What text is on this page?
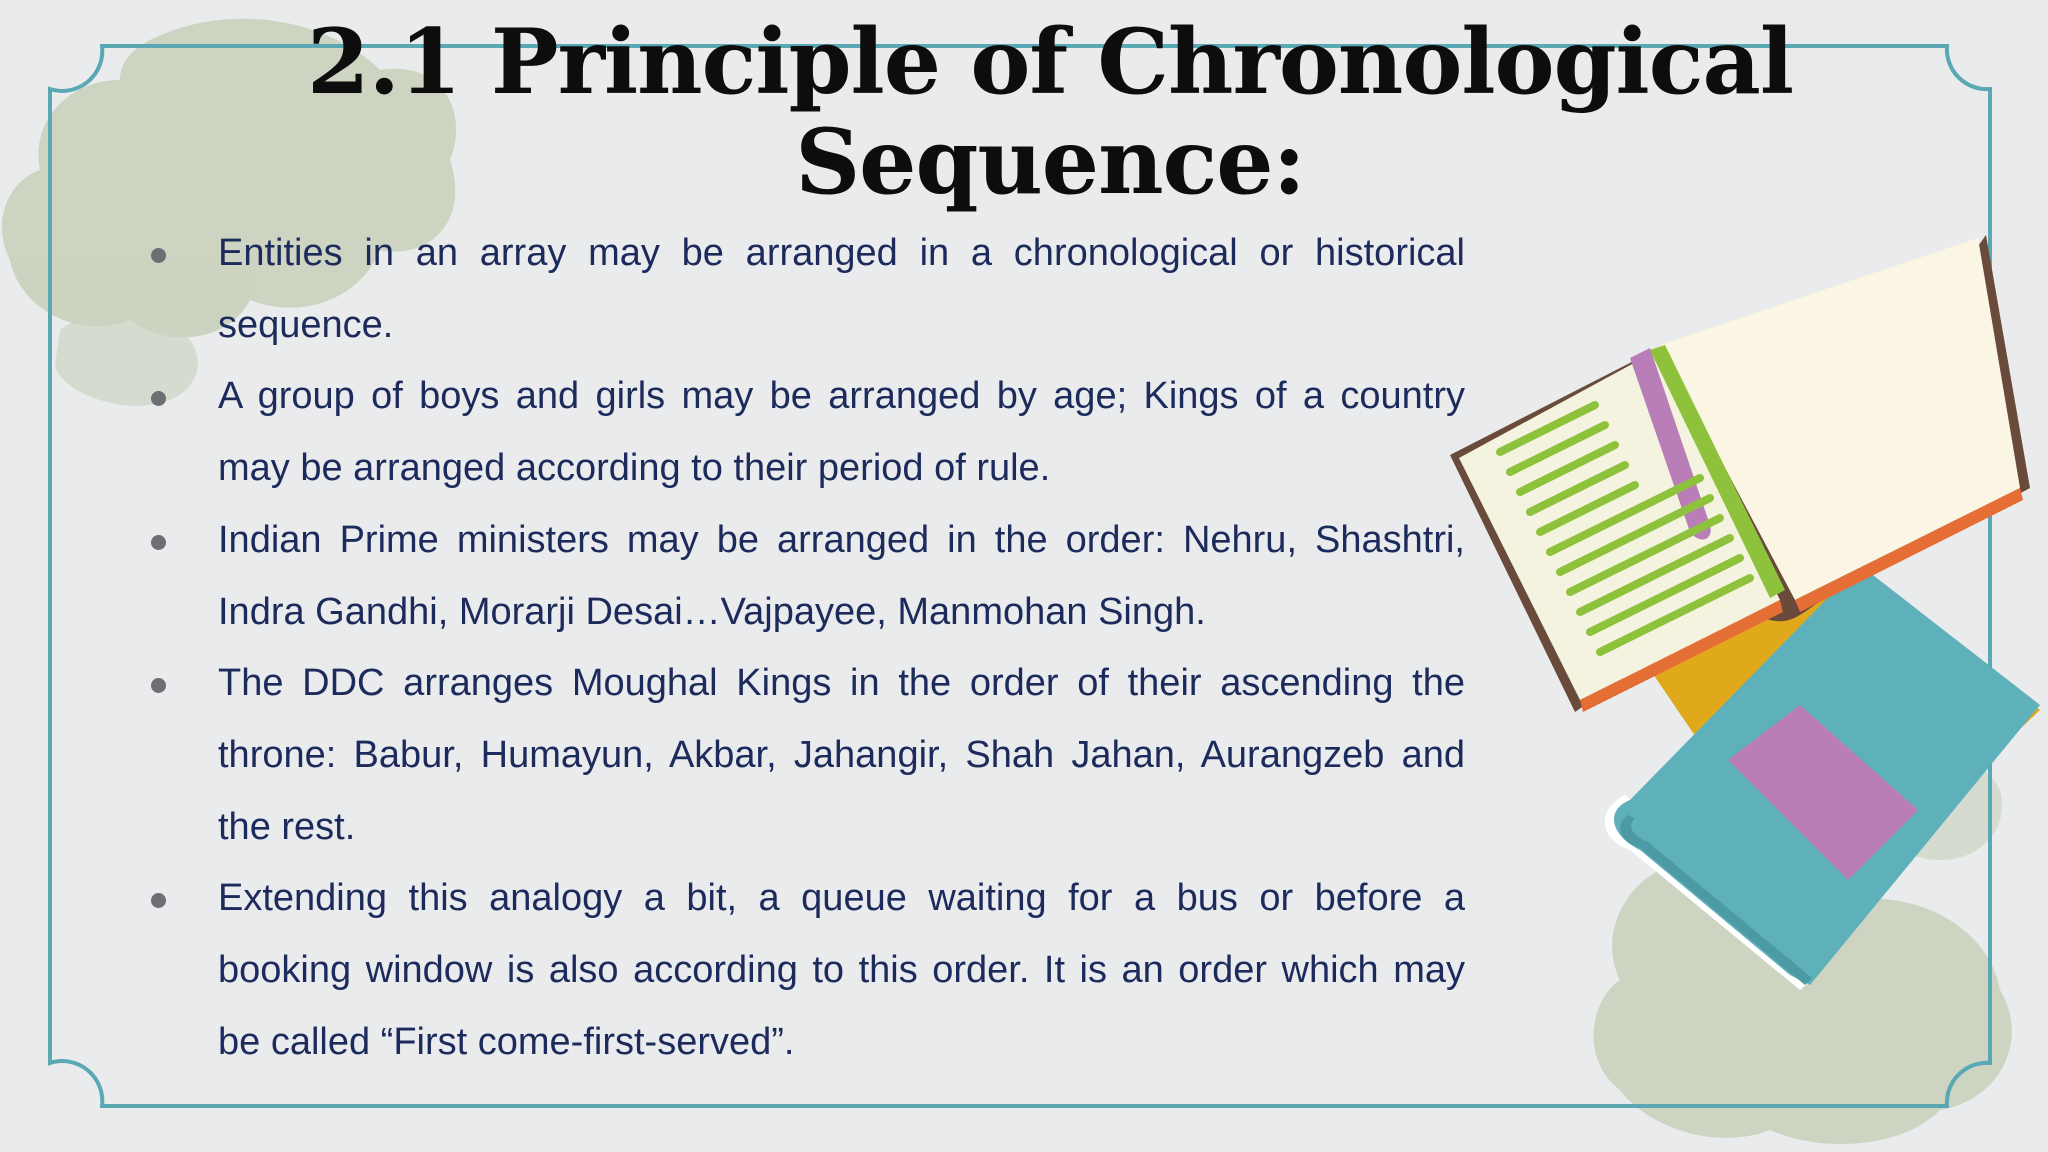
2.1 Principle of Chronological Sequence:
Entities in an array may be arranged in a chronological or historical sequence.
A group of boys and girls may be arranged by age; Kings of a country may be arranged according to their period of rule.
Indian Prime ministers may be arranged in the order: Nehru, Shashtri, Indra Gandhi, Morarji Desai…Vajpayee, Manmohan Singh.
The DDC arranges Moughal Kings in the order of their ascending the throne: Babur, Humayun, Akbar, Jahangir, Shah Jahan, Aurangzeb and the rest.
Extending this analogy a bit, a queue waiting for a bus or before a booking window is also according to this order. It is an order which may be called “First come-first-served”.
